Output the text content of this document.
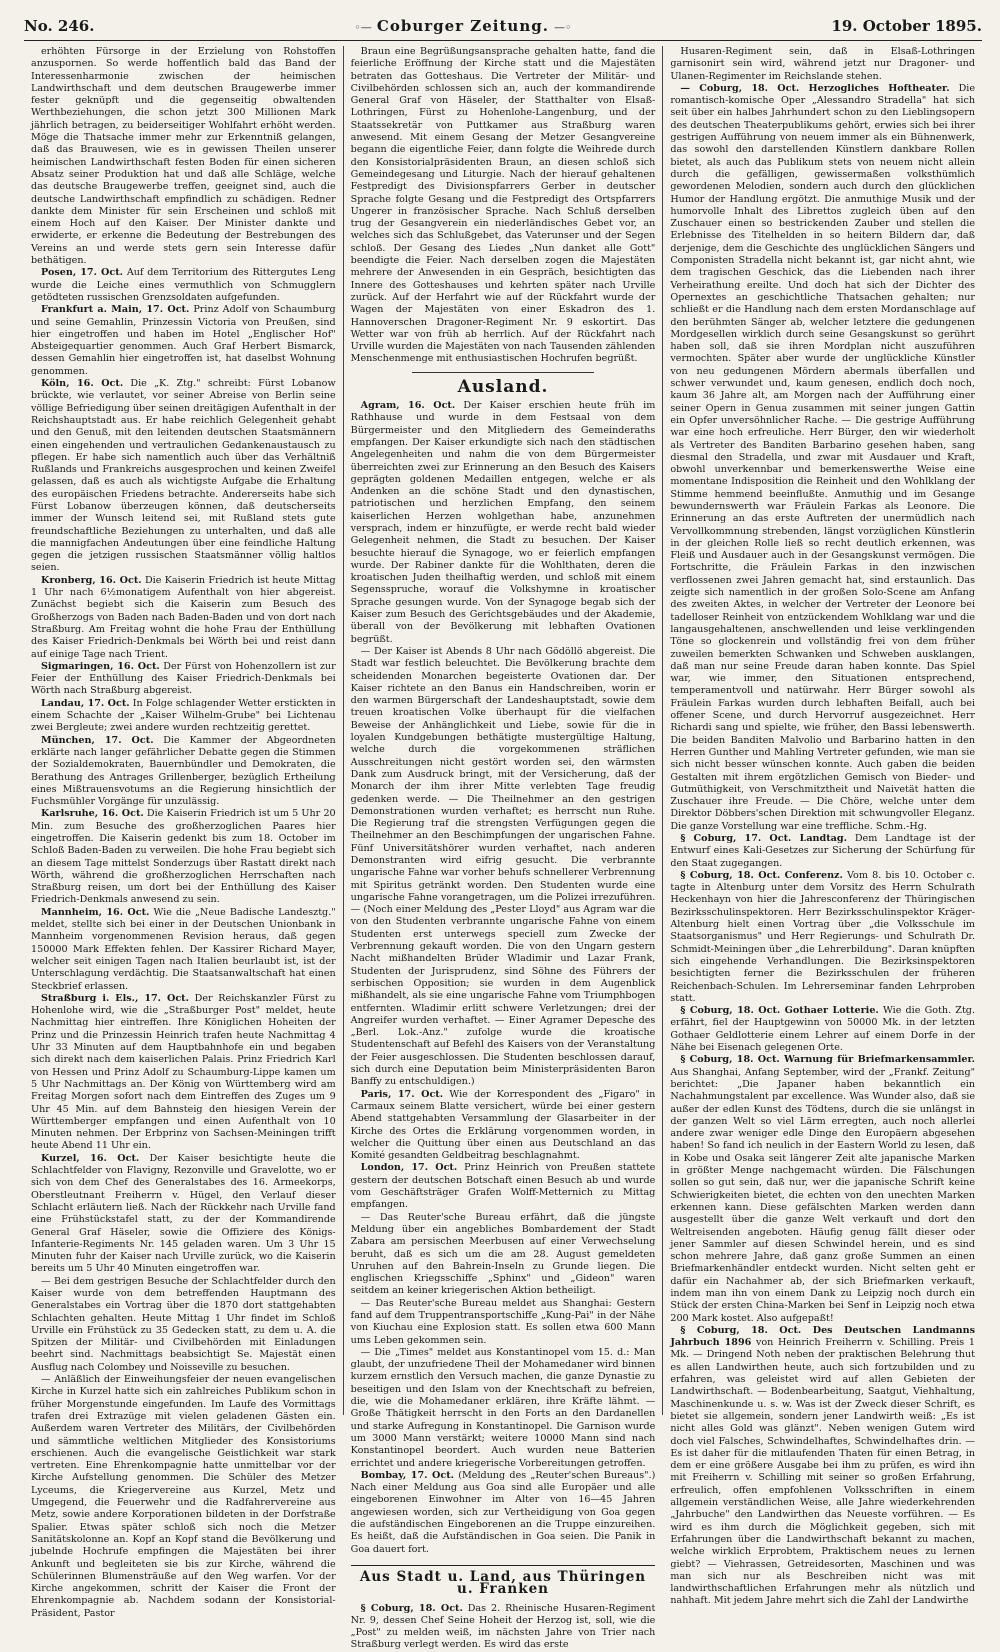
No. 246.	◦— Coburger Zeitung. —◦	19. October 1895.

erhöhten Fürsorge in der Erzielung von Rohstoffen anzuspornen. So werde hoffentlich bald das Band der Interessenharmonie zwischen der heimischen Landwirthschaft und dem deutschen Braugewerbe immer fester geknüpft und die gegenseitig obwaltenden Werthbeziehungen, die schon jetzt 300 Millionen Mark jährlich betragen, zu beiderseitiger Wohlfahrt erhöht werden. Möge die Thatsache immer mehr zur Erkenntniß gelangen, daß das Brauwesen, wie es in gewissen Theilen unserer heimischen Landwirthschaft festen Boden für einen sicheren Absatz seiner Produktion hat und daß alle Schläge, welche das deutsche Braugewerbe treffen, geeignet sind, auch die deutsche Landwirthschaft empfindlich zu schädigen. Redner dankte dem Minister für sein Erscheinen und schloß mit einem Hoch auf den Kaiser. Der Minister dankte und erwiderte, er erkenne die Bedeutung der Bestrebungen des Vereins an und werde stets gern sein Interesse dafür bethätigen.

Posen, 17. Oct. Auf dem Territorium des Rittergutes Leng wurde die Leiche eines vermuthlich von Schmugglern getödteten russischen Grenzsoldaten aufgefunden.

Frankfurt a. Main, 17. Oct. Prinz Adolf von Schaumburg und seine Gemahlin, Prinzessin Victoria von Preußen, sind hier eingetroffen und haben im Hotel „Englischer Hof" Absteigequartier genommen. Auch Graf Herbert Bismarck, dessen Gemahlin hier eingetroffen ist, hat daselbst Wohnung genommen.

Köln, 16. Oct. Die „K. Ztg." schreibt: Fürst Lobanow brückte, wie verlautet, vor seiner Abreise von Berlin seine völlige Befriedigung über seinen dreitägigen Aufenthalt in der Reichshauptstadt aus. Er habe reichlich Gelegenheit gehabt und den Genuß, mit den leitenden deutschen Staatsmännern einen eingehenden und vertraulichen Gedankenaustausch zu pflegen. Er habe sich namentlich auch über das Verhältniß Rußlands und Frankreichs ausgesprochen und keinen Zweifel gelassen, daß es auch als wichtigste Aufgabe die Erhaltung des europäischen Friedens betrachte. Andererseits habe sich Fürst Lobanow überzeugen können, daß deutscherseits immer der Wunsch leitend sei, mit Rußland stets gute freundschaftliche Beziehungen zu unterhalten, und daß alle die mannigfachen Andeutungen über eine feindliche Haltung gegen die jetzigen russischen Staatsmänner völlig haltlos seien.

Kronberg, 16. Oct. Die Kaiserin Friedrich ist heute Mittag 1 Uhr nach 6½monatigem Aufenthalt von hier abgereist. Zunächst begiebt sich die Kaiserin zum Besuch des Großherzogs von Baden nach Baden-Baden und von dort nach Straßburg. Am Freitag wohnt die hohe Frau der Enthüllung des Kaiser Friedrich-Denkmals bei Wörth bei und reist dann auf einige Tage nach Trient.

Sigmaringen, 16. Oct. Der Fürst von Hohenzollern ist zur Feier der Enthüllung des Kaiser Friedrich-Denkmals bei Wörth nach Straßburg abgereist.

Landau, 17. Oct. In Folge schlagender Wetter erstickten in einem Schachte der „Kaiser Wilhelm-Grube" bei Lichtenau zwei Bergleute; zwei andere wurden rechtzeitig gerettet.

München, 17. Oct. Die Kammer der Abgeordneten erklärte nach langer gefährlicher Debatte gegen die Stimmen der Sozialdemokraten, Bauernbündler und Demokraten, die Berathung des Antrages Grillenberger, bezüglich Ertheilung eines Mißtrauensvotums an die Regierung hinsichtlich der Fuchsmühler Vorgänge für unzulässig.

Karlsruhe, 16. Oct. Die Kaiserin Friedrich ist um 5 Uhr 20 Min. zum Besuche des großherzoglichen Paares hier eingetroffen. Die Kaiserin gedenkt bis zum 18. October im Schloß Baden-Baden zu verweilen. Die hohe Frau begiebt sich an diesem Tage mittelst Sonderzugs über Rastatt direkt nach Wörth, während die großherzoglichen Herrschaften nach Straßburg reisen, um dort bei der Enthüllung des Kaiser Friedrich-Denkmals anwesend zu sein.

Mannheim, 16. Oct. Wie die „Neue Badische Landesztg." meldet, stellte sich bei einer in der Deutschen Unionbank in Mannheim vorgenommenen Revision heraus, daß gegen 150000 Mark Effekten fehlen. Der Kassirer Richard Mayer, welcher seit einigen Tagen nach Italien beurlaubt ist, ist der Unterschlagung verdächtig. Die Staatsanwaltschaft hat einen Steckbrief erlassen.

Straßburg i. Els., 17. Oct. Der Reichskanzler Fürst zu Hohenlohe wird, wie die „Straßburger Post" meldet, heute Nachmittag hier eintreffen. Ihre Königlichen Hoheiten der Prinz und die Prinzessin Heinrich trafen heute Nachmittag 4 Uhr 33 Minuten auf dem Hauptbahnhofe ein und begaben sich direkt nach dem kaiserlichen Palais. Prinz Friedrich Karl von Hessen und Prinz Adolf zu Schaumburg-Lippe kamen um 5 Uhr Nachmittags an. Der König von Württemberg wird am Freitag Morgen sofort nach dem Eintreffen des Zuges um 9 Uhr 45 Min. auf dem Bahnsteig den hiesigen Verein der Württemberger empfangen und einen Aufenthalt von 10 Minuten nehmen. Der Erbprinz von Sachsen-Meiningen trifft heute Abend 11 Uhr ein.

Kurzel, 16. Oct. Der Kaiser besichtigte heute die Schlachtfelder von Flavigny, Rezonville und Gravelotte, wo er sich von dem Chef des Generalstabes des 16. Armeekorps, Oberstleutnant Freiherrn v. Hügel, den Verlauf dieser Schlacht erläutern ließ. Nach der Rückkehr nach Urville fand eine Frühstückstafel statt, zu der der Kommandirende General Graf Häseler, sowie die Offiziere des Königs-Infanterie-Regiments Nr. 145 geladen waren. Um 3 Uhr 15 Minuten fuhr der Kaiser nach Urville zurück, wo die Kaiserin bereits um 5 Uhr 40 Minuten eingetroffen war.

— Bei dem gestrigen Besuche der Schlachtfelder durch den Kaiser wurde von dem betreffenden Hauptmann des Generalstabes ein Vortrag über die 1870 dort stattgehabten Schlachten gehalten. Heute Mittag 1 Uhr findet im Schloß Urville ein Frühstück zu 35 Gedecken statt, zu dem u. A. die Spitzen der Militär- und Civilbehörden mit Einladungen beehrt sind. Nachmittags beabsichtigt Se. Majestät einen Ausflug nach Colombey und Noisseville zu besuchen.

— Anläßlich der Einweihungsfeier der neuen evangelischen Kirche in Kurzel hatte sich ein zahlreiches Publikum schon in früher Morgenstunde eingefunden. Im Laufe des Vormittags trafen drei Extrazüge mit vielen geladenen Gästen ein. Außerdem waren Vertreter des Militärs, der Civilbehörden und sämmtliche weltlichen Mitglieder des Konsistoriums erschienen. Auch die evangelische Geistlichkeit war stark vertreten. Eine Ehrenkompagnie hatte unmittelbar vor der Kirche Aufstellung genommen. Die Schüler des Metzer Lyceums, die Kriegervereine aus Kurzel, Metz und Umgegend, die Feuerwehr und die Radfahrervereine aus Metz, sowie andere Korporationen bildeten in der Dorfstraße Spalier. Etwas später schloß sich noch die Metzer Sanitätskolonne an. Kopf an Kopf stand die Bevölkerung und jubelnde Hochrufe empfingen die Majestäten bei ihrer Ankunft und begleiteten sie bis zur Kirche, während die Schülerinnen Blumensträuße auf den Weg warfen. Vor der Kirche angekommen, schritt der Kaiser die Front der Ehrenkompagnie ab. Nachdem sodann der Konsistorial-Präsident, Pastor

Braun eine Begrüßungsansprache gehalten hatte, fand die feierliche Eröffnung der Kirche statt und die Majestäten betraten das Gotteshaus. Die Vertreter der Militär- und Civilbehörden schlossen sich an, auch der kommandirende General Graf von Häseler, der Statthalter von Elsaß-Lothringen, Fürst zu Hohenlohe-Langenburg, und der Staatssekretär von Puttkamer aus Straßburg waren anwesend. Mit einem Gesang der Metzer Gesangvereine begann die eigentliche Feier, dann folgte die Weihrede durch den Konsistorialpräsidenten Braun, an diesen schloß sich Gemeindegesang und Liturgie. Nach der hierauf gehaltenen Festpredigt des Divisionspfarrers Gerber in deutscher Sprache folgte Gesang und die Festpredigt des Ortspfarrers Ungerer in französischer Sprache. Nach Schluß derselben trug der Gesangverein ein niederländisches Gebet vor, an welches sich das Schlußgebet, das Vaterunser und der Segen schloß. Der Gesang des Liedes „Nun danket alle Gott" beendigte die Feier. Nach derselben zogen die Majestäten mehrere der Anwesenden in ein Gespräch, besichtigten das Innere des Gotteshauses und kehrten später nach Urville zurück. Auf der Herfahrt wie auf der Rückfahrt wurde der Wagen der Majestäten von einer Eskadron des 1. Hannoverschen Dragoner-Regiment Nr. 9 eskortirt. Das Wetter war von früh ab herrlich. Auf der Rückfahrt nach Urville wurden die Majestäten von nach Tausenden zählenden Menschenmenge mit enthusiastischen Hochrufen begrüßt.

Ausland.

Agram, 16. Oct. Der Kaiser erschien heute früh im Rathhause und wurde in dem Festsaal von dem Bürgermeister und den Mitgliedern des Gemeinderaths empfangen. Der Kaiser erkundigte sich nach den städtischen Angelegenheiten und nahm die von dem Bürgermeister überreichten zwei zur Erinnerung an den Besuch des Kaisers geprägten goldenen Medaillen entgegen, welche er als Andenken an die schöne Stadt und den dynastischen, patriotischen und herzlichen Empfang, den seinem kaiserlichen Herzen wohlgethan habe, anzunehmen versprach, indem er hinzufügte, er werde recht bald wieder Gelegenheit nehmen, die Stadt zu besuchen. Der Kaiser besuchte hierauf die Synagoge, wo er feierlich empfangen wurde. Der Rabiner dankte für die Wohlthaten, deren die kroatischen Juden theilhaftig werden, und schloß mit einem Segensspruche, worauf die Volkshymne in kroatischer Sprache gesungen wurde. Von der Synagoge begab sich der Kaiser zum Besuch des Gerichtsgebäudes und der Akademie, überall von der Bevölkerung mit lebhaften Ovationen begrüßt.

— Der Kaiser ist Abends 8 Uhr nach Gödöllö abgereist. Die Stadt war festlich beleuchtet. Die Bevölkerung brachte dem scheidenden Monarchen begeisterte Ovationen dar. Der Kaiser richtete an den Banus ein Handschreiben, worin er den warmen Bürgerschaft der Landeshauptstadt, sowie dem treuen kroatischen Volke überhaupt für die vielfachen Beweise der Anhänglichkeit und Liebe, sowie für die in loyalen Kundgebungen bethätigte mustergültige Haltung, welche durch die vorgekommenen sträflichen Ausschreitungen nicht gestört worden sei, den wärmsten Dank zum Ausdruck bringt, mit der Versicherung, daß der Monarch der ihm ihrer Mitte verlebten Tage freudig gedenken werde. — Die Theilnehmer an den gestrigen Demonstrationen wurden verhaftet; es herrscht nun Ruhe. Die Regierung traf die strengsten Verfügungen gegen die Theilnehmer an den Beschimpfungen der ungarischen Fahne. Fünf Universitätshörer wurden verhaftet, nach anderen Demonstranten wird eifrig gesucht. Die verbrannte ungarische Fahne war vorher behufs schnellerer Verbrennung mit Spiritus getränkt worden. Den Studenten wurde eine ungarische Fahne vorangetragen, um die Polizei irrezuführen. — (Noch einer Meldung des „Pester Lloyd" aus Agram war die von den Studenten verbrannte ungarische Fahne von einem Studenten erst unterwegs speciell zum Zwecke der Verbrennung gekauft worden. Die von den Ungarn gestern Nacht mißhandelten Brüder Wladimir und Lazar Frank, Studenten der Jurisprudenz, sind Söhne des Führers der serbischen Opposition; sie wurden in dem Augenblick mißhandelt, als sie eine ungarische Fahne vom Triumphbogen entfernten. Wladimir erlitt schwere Verletzungen; drei der Angreifer wurden verhaftet. — Einer Agramer Depesche des „Berl. Lok.-Anz." zufolge wurde die kroatische Studentenschaft auf Befehl des Kaisers von der Veranstaltung der Feier ausgeschlossen. Die Studenten beschlossen darauf, sich durch eine Deputation beim Ministerpräsidenten Baron Banffy zu entschuldigen.)

Paris, 17. Oct. Wie der Korrespondent des „Figaro" in Carmaux seinem Blatte versichert, würde bei einer gestern Abend stattgehabten Versammlung der Glasarbeiter in der Kirche des Ortes die Erklärung vorgenommen worden, in welcher die Quittung über einen aus Deutschland an das Komité gesandten Geldbeitrag beschlagnahmt.

London, 17. Oct. Prinz Heinrich von Preußen stattete gestern der deutschen Botschaft einen Besuch ab und wurde vom Geschäftsträger Grafen Wolff-Metternich zu Mittag empfangen.

— Das Reuter'sche Bureau erfährt, daß die jüngste Meldung über ein angebliches Bombardement der Stadt Zabara am persischen Meerbusen auf einer Verwechselung beruht, daß es sich um die am 28. August gemeldeten Unruhen auf den Bahrein-Inseln zu Grunde liegen. Die englischen Kriegsschiffe „Sphinx" und „Gideon" waren seitdem an keiner kriegerischen Aktion betheiligt.

— Das Reuter'sche Bureau meldet aus Shanghai: Gestern fand auf dem Truppentransportschiffe „Kung-Pai" in der Nähe von Kiuchau eine Explosion statt. Es sollen etwa 600 Mann ums Leben gekommen sein.

— Die „Times" meldet aus Konstantinopel vom 15. d.: Man glaubt, der unzufriedene Theil der Mohamedaner wird binnen kurzem ernstlich den Versuch machen, die ganze Dynastie zu beseitigen und den Islam von der Knechtschaft zu befreien, die, wie die Mohamedaner erklären, ihre Kräfte lähmt. — Große Thätigkeit herrscht in den Forts an den Dardanellen und starke Aufregung in Konstantinopel. Die Garnison wurde um 3000 Mann verstärkt; weitere 10000 Mann sind nach Konstantinopel beordert. Auch wurden neue Batterien errichtet und andere kriegerische Vorbereitungen getroffen.

Bombay, 17. Oct. (Meldung des „Reuter'schen Bureaus".) Nach einer Meldung aus Goa sind alle Europäer und alle eingeborenen Einwohner im Alter von 16—45 Jahren angewiesen worden, sich zur Vertheidigung von Goa gegen die aufständischen Eingeborenen an die Truppe einzureihen. Es heißt, daß die Aufständischen in Goa seien. Die Panik in Goa dauert fort.

Aus Stadt u. Land, aus Thüringen u. Franken

§ Coburg, 18. Oct. Das 2. Rheinische Husaren-Regiment Nr. 9, dessen Chef Seine Hoheit der Herzog ist, soll, wie die „Post" zu melden weiß, im nächsten Jahre von Trier nach Straßburg verlegt werden. Es wird das erste

Husaren-Regiment sein, daß in Elsaß-Lothringen garnisonirt sein wird, während jetzt nur Dragoner- und Ulanen-Regimenter im Reichslande stehen.

— Coburg, 18. Oct. Herzogliches Hoftheater. Die romantisch-komische Oper „Alessandro Stradella" hat sich seit über ein halbes Jahrhundert schon zu den Lieblingsopern des deutschen Theaterpublikums gehört, erwies sich bei ihrer gestrigen Aufführung von neuem immer als ein Bühnenwerk, das sowohl den darstellenden Künstlern dankbare Rollen bietet, als auch das Publikum stets von neuem nicht allein durch die gefälligen, gewissermaßen volksthümlich gewordenen Melodien, sondern auch durch den glücklichen Humor der Handlung ergötzt. Die anmuthige Musik und der humorvolle Inhalt des Librettos zugleich üben auf den Zuschauer einen so bestrickenden Zauber und stellen die Erlebnisse des Titelhelden in so heitern Bildern dar, daß derjenige, dem die Geschichte des unglücklichen Sängers und Componisten Stradella nicht bekannt ist, gar nicht ahnt, wie dem tragischen Geschick, das die Liebenden nach ihrer Verheirathung ereilte. Und doch hat sich der Dichter des Opernextes an geschichtliche Thatsachen gehalten; nur schließt er die Handlung nach dem ersten Mordanschlage auf den berühmten Sänger ab, welcher letztere die gedungenen Mordgesellen wirklich durch seine Gesangskunst so gerührt haben soll, daß sie ihren Mordplan nicht auszuführen vermochten. Später aber wurde der unglückliche Künstler von neu gedungenen Mördern abermals überfallen und schwer verwundet und, kaum genesen, endlich doch noch, kaum 36 Jahre alt, am Morgen nach der Aufführung einer seiner Opern in Genua zusammen mit seiner jungen Gattin ein Opfer unversöhnlicher Rache. — Die gestrige Aufführung war eine hoch erfreuliche. Herr Bürger, den wir wiederholt als Vertreter des Banditen Barbarino gesehen haben, sang diesmal den Stradella, und zwar mit Ausdauer und Kraft, obwohl unverkennbar und bemerkenswerthe Weise eine momentane Indisposition die Reinheit und den Wohlklang der Stimme hemmend beeinflußte. Anmuthig und im Gesange bewundernswerth war Fräulein Farkas als Leonore. Die Erinnerung an das erste Auftreten der unermüdlich nach Vervollkommnung strebenden, längst vorzüglichen Künstlerin in der gleichen Rolle ließ so recht deutlich erkennen, was Fleiß und Ausdauer auch in der Gesangskunst vermögen. Die Fortschritte, die Fräulein Farkas in den inzwischen verflossenen zwei Jahren gemacht hat, sind erstaunlich. Das zeigte sich namentlich in der großen Solo-Scene am Anfang des zweiten Aktes, in welcher der Vertreter der Leonore bei tadelloser Reinheit von entzückendem Wohlklang war und die langausgehaltenen, anschwellenden und leise verklingenden Töne so glockenrein und vollständig frei von dem früher zuweilen bemerkten Schwanken und Schweben ausklangen, daß man nur seine Freude daran haben konnte. Das Spiel war, wie immer, den Situationen entsprechend, temperamentvoll und natürwahr. Herr Bürger sowohl als Fräulein Farkas wurden durch lebhaften Beifall, auch bei offener Scene, und durch Hervorruf ausgezeichnet. Herr Richardi sang und spielte, wie früher, den Bassi lebenswerth. Die beiden Banditen Malvolio und Barbarino hatten in den Herren Gunther und Mahling Vertreter gefunden, wie man sie sich nicht besser wünschen konnte. Auch gaben die beiden Gestalten mit ihrem ergötzlichen Gemisch von Bieder- und Gutmüthigkeit, von Verschmitztheit und Naivetät hatten die Zuschauer ihre Freude. — Die Chöre, welche unter dem Direktor Döbbers'schen Direktion mit schwungvoller Eleganz. Die ganze Vorstellung war eine treffliche. Schm.-Hg.

§ Coburg, 17. Oct. Landtag. Dem Landtage ist der Entwurf eines Kali-Gesetzes zur Sicherung der Schürfung für den Staat zugegangen.

§ Coburg, 18. Oct. Conferenz. Vom 8. bis 10. October c. tagte in Altenburg unter dem Vorsitz des Herrn Schulrath Heckenhayn von hier die Jahresconferenz der Thüringischen Bezirksschulinspektoren. Herr Bezirksschulinspektor Kräger-Altenburg hielt einen Vortrag über „die Volksschule im Staatsorganismus" und Herr Regierungs- und Schulrath Dr. Schmidt-Meiningen über „die Lehrerbildung". Daran knüpften sich eingehende Verhandlungen. Die Bezirksinspektoren besichtigten ferner die Bezirksschulen der früheren Reichenbach-Schulen. Im Lehrerseminar fanden Lehrproben statt.

§ Coburg, 18. Oct. Gothaer Lotterie. Wie die Goth. Ztg. erfährt, fiel der Hauptgewinn von 50000 Mk. in der letzten Gothaer Geldlotterie einem Lehrer auf einem Dorfe in der Nähe bei Eisenach gelegenen Orte.

§ Coburg, 18. Oct. Warnung für Briefmarkensammler. Aus Shanghai, Anfang September, wird der „Frankf. Zeitung" berichtet: „Die Japaner haben bekanntlich ein Nachahmungstalent par excellence. Was Wunder also, daß sie außer der edlen Kunst des Tödtens, durch die sie unlängst in der ganzen Welt so viel Lärm erregten, auch noch allerlei andere zwar weniger edle Dinge den Europäern abgesehen haben! So fand ich neulich in der Eastern World zu lesen, daß in Kobe und Osaka seit längerer Zeit alte japanische Marken in größter Menge nachgemacht würden. Die Fälschungen sollen so gut sein, daß nur, wer die japanische Schrift keine Schwierigkeiten bietet, die echten von den unechten Marken erkennen kann. Diese gefälschten Marken werden dann ausgestellt über die ganze Welt verkauft und dort den Weltreisenden angeboten. Häufig genug fällt dieser oder jener Sammler auf diesen Schwindel herein, und es sind schon mehrere Jahre, daß ganz große Summen an einen Briefmarkenhändler entdeckt wurden. Nicht selten geht er dafür ein Nachahmer ab, der sich Briefmarken verkauft, indem man ihn von einem Dank zu Leipzig noch durch ein Stück der ersten China-Marken bei Senf in Leipzig noch etwa 200 Mark kostet. Also aufgepaßt!

§ Coburg, 18. Oct. Des Deutschen Landmanns Jahrbuch 1896 von Heinrich Freiherrn v. Schilling. Preis 1 Mk. — Dringend Noth neben der praktischen Belehrung thut es allen Landwirthen heute, auch sich fortzubilden und zu erfahren, was geleistet wird auf allen Gebieten der Landwirthschaft. — Bodenbearbeitung, Saatgut, Viehhaltung, Maschinenkunde u. s. w. Was ist der Zweck dieser Schrift, es bietet sie allgemein, sondern jener Landwirth weiß: „Es ist nicht alles Gold was glänzt". Neben wenigen Gutem wird doch viel Falsches, Schwindelhaftes, Schwindelhaftes drin. — Es ist daher für die mitlaufenden Thaten für einen Betrag, in dem er eine größere Ausgabe bei ihm zu prüfen, es wird ihn mit Freiherrn v. Schilling mit seiner so großen Erfahrung, erfreulich, offen empfohlenen Volksschriften in einem allgemein verständlichen Weise, alle Jahre wiederkehrenden „Jahrbuche" den Landwirthen das Neueste vorführen. — Es wird es ihm durch die Möglichkeit gegeben, sich mit Erfahrungen über die Landwirthschaft bekannt zu machen, welche wirklich Erprobtem, Praktischem neues zu lernen giebt? — Viehrassen, Getreidesorten, Maschinen und was man sich nur als Beschreiben nicht was mit landwirthschaftlichen Erfahrungen mehr als nützlich und nahhaft. Mit jedem Jahre mehrt sich die Zahl der Landwirthe
